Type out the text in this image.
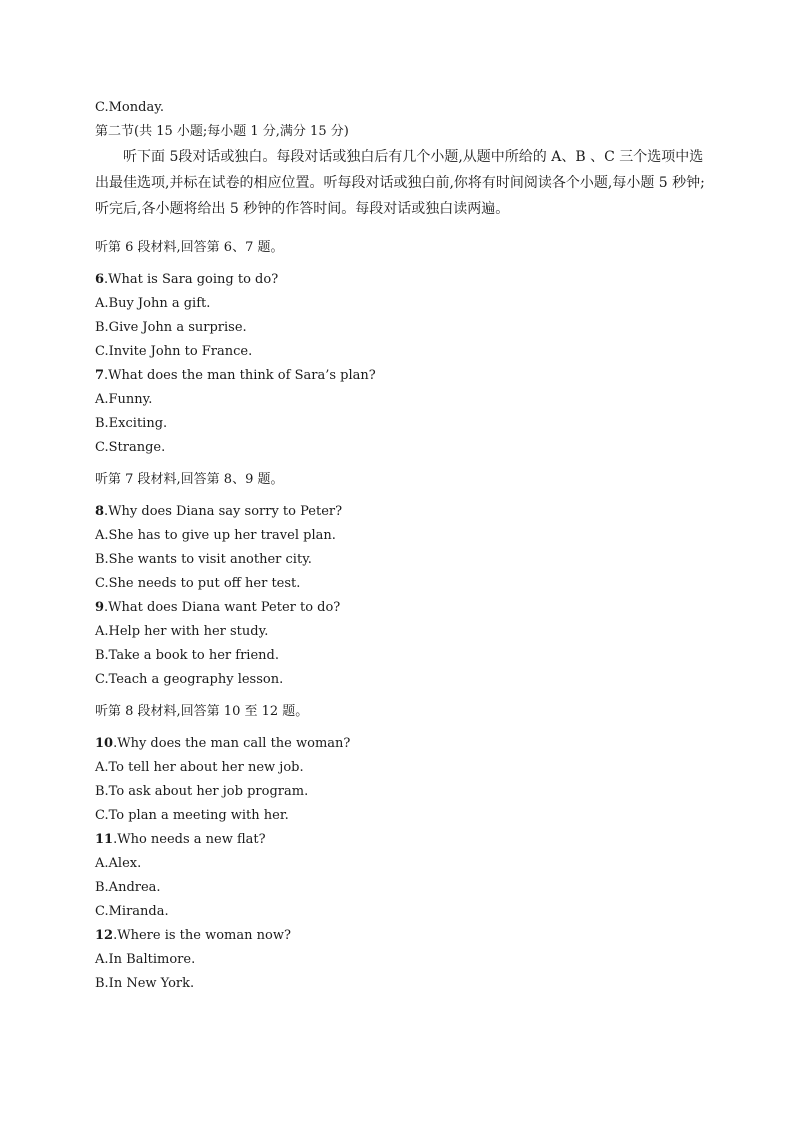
C.Monday.
第二节(共 15 小题;每小题 1 分,满分 15 分)

听下面 5段对话或独白。每段对话或独白后有几个小题,从题中所给的 A、B 、C 三个选项中选出最佳选项,并标在试卷的相应位置。听每段对话或独白前,你将有时间阅读各个小题,每小题 5 秒钟;听完后,各小题将给出 5 秒钟的作答时间。每段对话或独白读两遍。

听第 6 段材料,回答第 6、7 题。
6.What is Sara going to do?
A.Buy John a gift.
B.Give John a surprise.
C.Invite John to France.
7.What does the man think of Sara’s plan?
A.Funny.
B.Exciting.
C.Strange.
听第 7 段材料,回答第 8、9 题。
8.Why does Diana say sorry to Peter?
A.She has to give up her travel plan.
B.She wants to visit another city.
C.She needs to put off her test.
9.What does Diana want Peter to do?
A.Help her with her study.
B.Take a book to her friend.
C.Teach a geography lesson.
听第 8 段材料,回答第 10 至 12 题。
10.Why does the man call the woman?
A.To tell her about her new job.
B.To ask about her job program.
C.To plan a meeting with her.
11.Who needs a new flat?
A.Alex.
B.Andrea.
C.Miranda.
12.Where is the woman now?
A.In Baltimore.
B.In New York.
